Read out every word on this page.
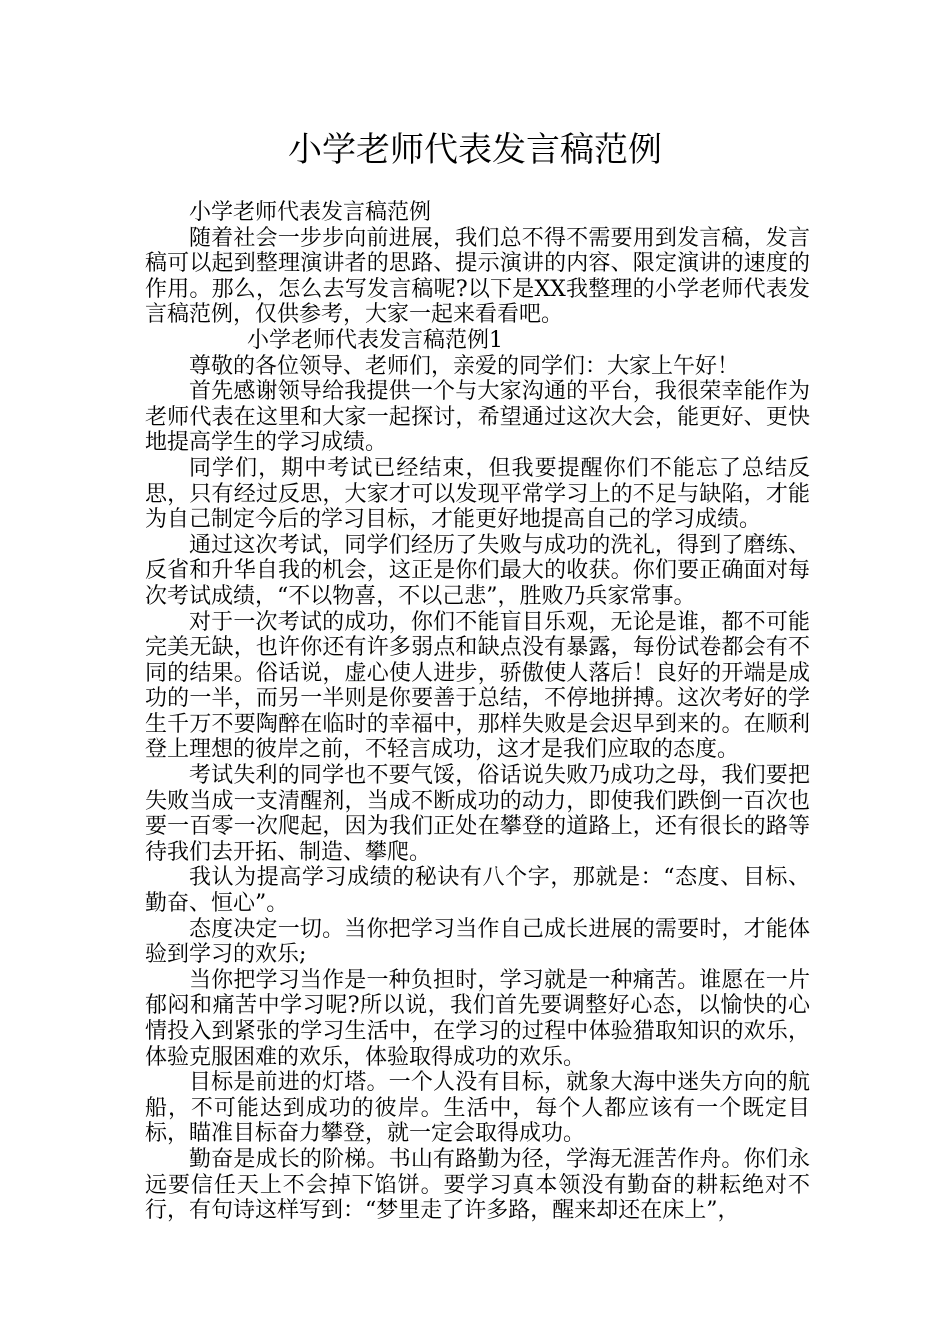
小学老师代表发言稿范例

小学老师代表发言稿范例

随着社会一步步向前进展，我们总不得不需要用到发言稿，发言稿可以起到整理演讲者的思路、提示演讲的内容、限定演讲的速度的作用。那么，怎么去写发言稿呢?以下是XX我整理的小学老师代表发言稿范例，仅供参考，大家一起来看看吧。

小学老师代表发言稿范例1

尊敬的各位领导、老师们，亲爱的同学们：大家上午好！

首先感谢领导给我提供一个与大家沟通的平台，我很荣幸能作为老师代表在这里和大家一起探讨，希望通过这次大会，能更好、更快地提高学生的学习成绩。

同学们，期中考试已经结束，但我要提醒你们不能忘了总结反思，只有经过反思，大家才可以发现平常学习上的不足与缺陷，才能为自己制定今后的学习目标，才能更好地提高自己的学习成绩。

通过这次考试，同学们经历了失败与成功的洗礼，得到了磨练、反省和升华自我的机会，这正是你们最大的收获。你们要正确面对每次考试成绩，“不以物喜，不以己悲”，胜败乃兵家常事。

对于一次考试的成功，你们不能盲目乐观，无论是谁，都不可能完美无缺，也许你还有许多弱点和缺点没有暴露，每份试卷都会有不同的结果。俗话说，虚心使人进步，骄傲使人落后！良好的开端是成功的一半，而另一半则是你要善于总结，不停地拼搏。这次考好的学生千万不要陶醉在临时的幸福中，那样失败是会迟早到来的。在顺利登上理想的彼岸之前，不轻言成功，这才是我们应取的态度。

考试失利的同学也不要气馁，俗话说失败乃成功之母，我们要把失败当成一支清醒剂，当成不断成功的动力，即使我们跌倒一百次也要一百零一次爬起，因为我们正处在攀登的道路上，还有很长的路等待我们去开拓、制造、攀爬。

我认为提高学习成绩的秘诀有八个字，那就是：“态度、目标、勤奋、恒心”。

态度决定一切。当你把学习当作自己成长进展的需要时，才能体验到学习的欢乐;

当你把学习当作是一种负担时，学习就是一种痛苦。谁愿在一片郁闷和痛苦中学习呢?所以说，我们首先要调整好心态，以愉快的心情投入到紧张的学习生活中，在学习的过程中体验猎取知识的欢乐，体验克服困难的欢乐，体验取得成功的欢乐。

目标是前进的灯塔。一个人没有目标，就象大海中迷失方向的航船，不可能达到成功的彼岸。生活中，每个人都应该有一个既定目标，瞄准目标奋力攀登，就一定会取得成功。

勤奋是成长的阶梯。书山有路勤为径，学海无涯苦作舟。你们永远要信任天上不会掉下馅饼。要学习真本领没有勤奋的耕耘绝对不行，有句诗这样写到：“梦里走了许多路，醒来却还在床上”，
